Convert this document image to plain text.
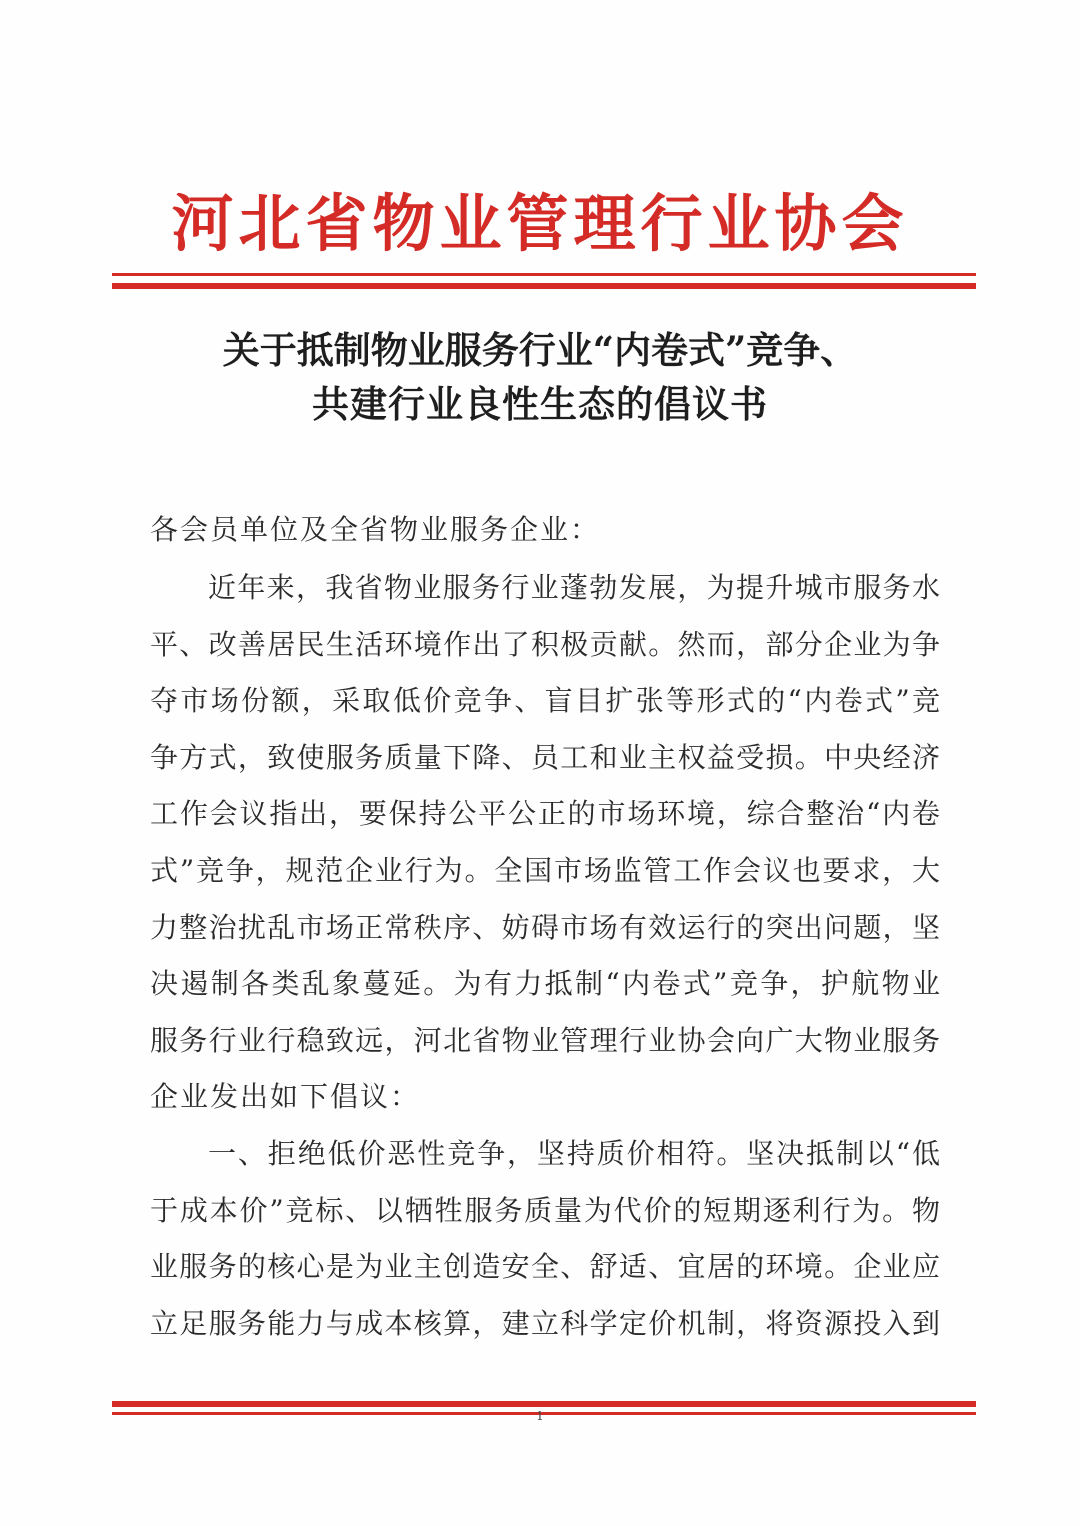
河北省物业管理行业协会
关于抵制物业服务行业“内卷式”竞争、
共建行业良性生态的倡议书
各会员单位及全省物业服务企业：
近年来，我省物业服务行业蓬勃发展，为提升城市服务水
平、改善居民生活环境作出了积极贡献。然而，部分企业为争
夺市场份额，采取低价竞争、盲目扩张等形式的“内卷式”竞
争方式，致使服务质量下降、员工和业主权益受损。中央经济
工作会议指出，要保持公平公正的市场环境，综合整治“内卷
式”竞争，规范企业行为。全国市场监管工作会议也要求，大
力整治扰乱市场正常秩序、妨碍市场有效运行的突出问题，坚
决遏制各类乱象蔓延。为有力抵制“内卷式”竞争，护航物业
服务行业行稳致远，河北省物业管理行业协会向广大物业服务
企业发出如下倡议：
一、拒绝低价恶性竞争，坚持质价相符。坚决抵制以“低
于成本价”竞标、以牺牲服务质量为代价的短期逐利行为。物
业服务的核心是为业主创造安全、舒适、宜居的环境。企业应
立足服务能力与成本核算，建立科学定价机制，将资源投入到
1
